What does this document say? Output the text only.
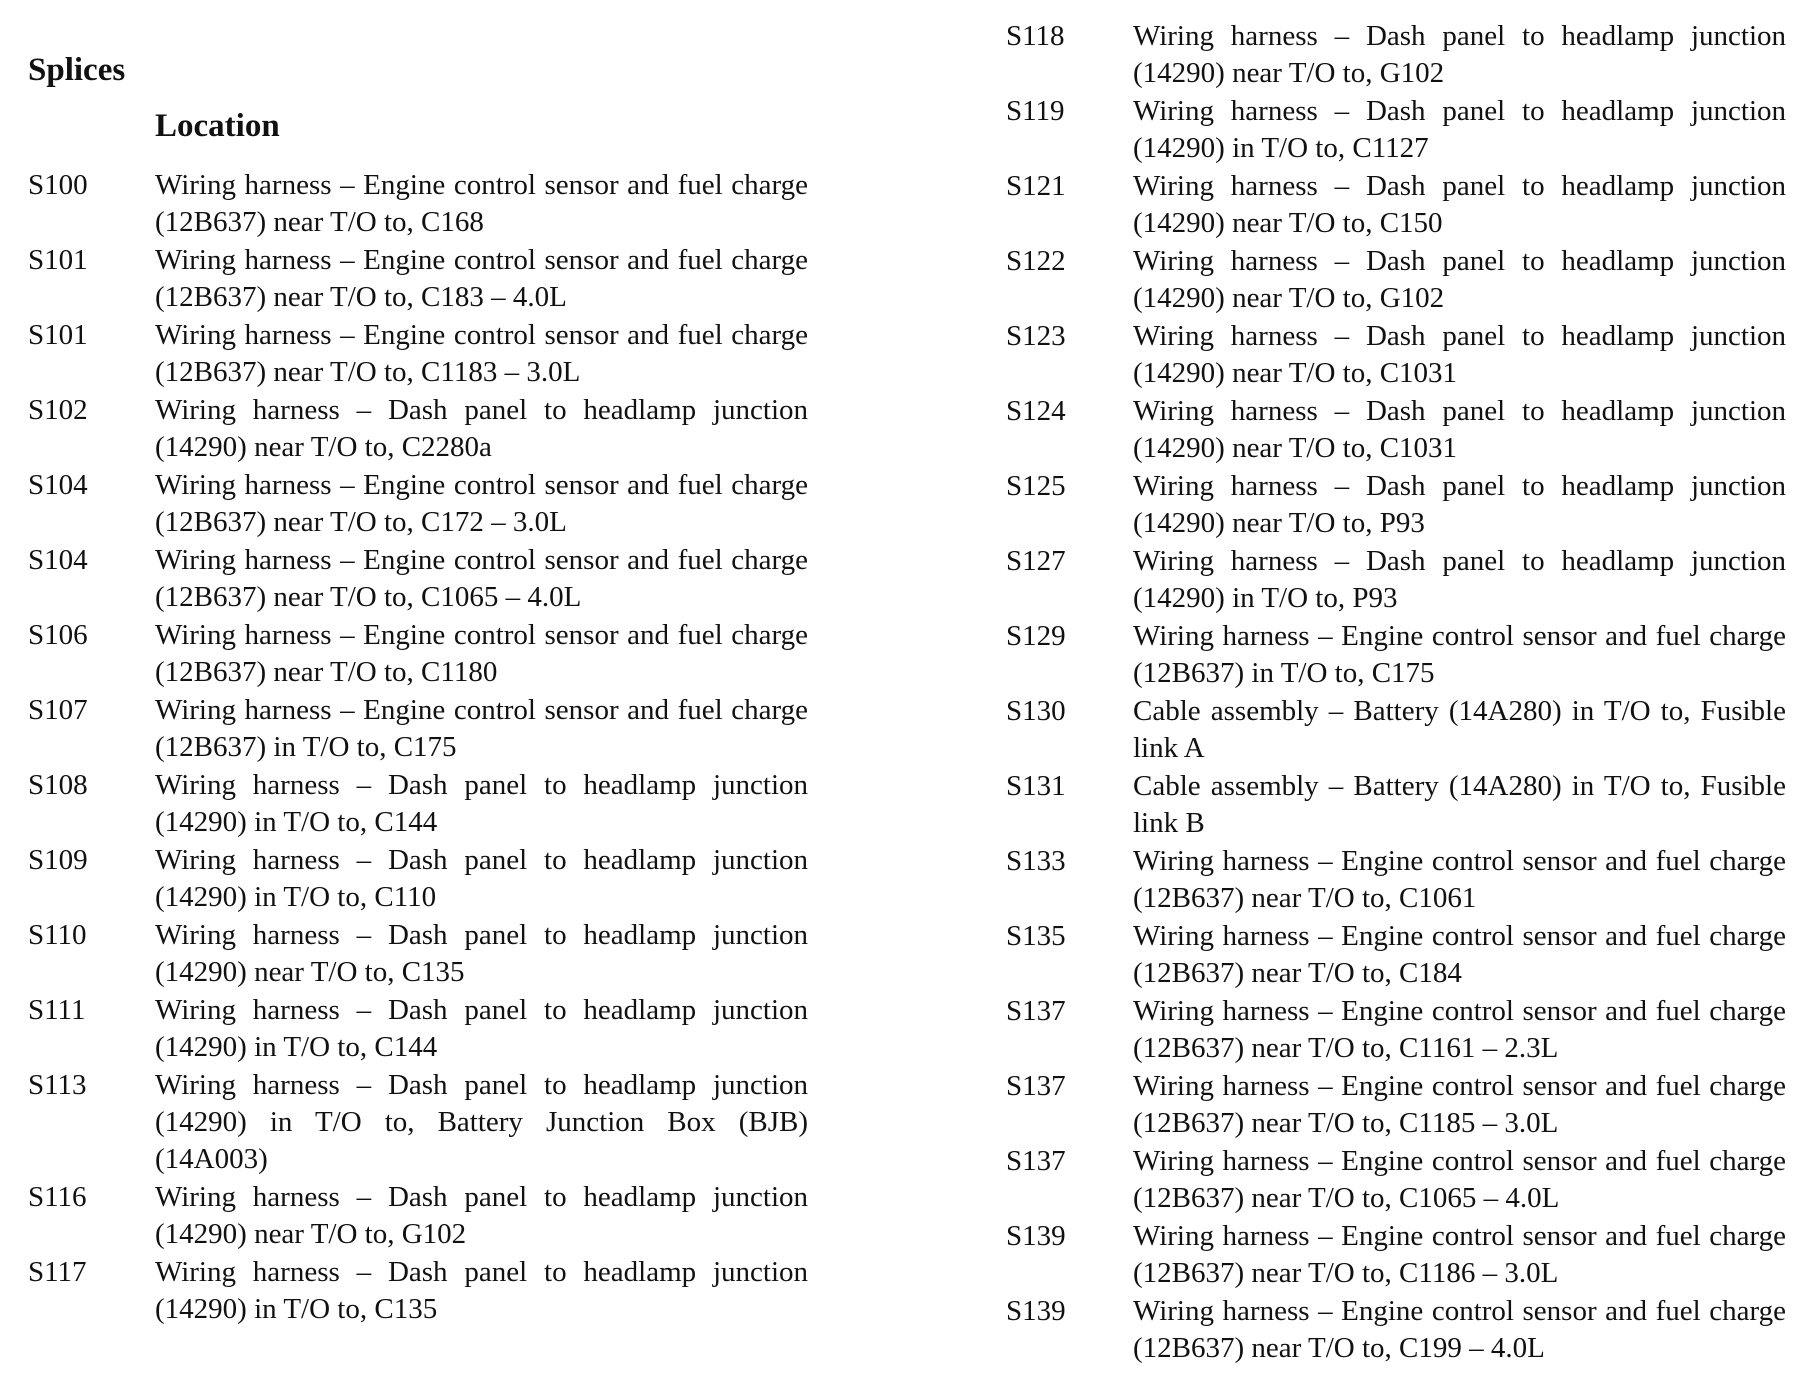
Splices
Location
S100	Wiring harness – Engine control sensor and fuel charge (12B637) near T/O to, C168
S101	Wiring harness – Engine control sensor and fuel charge (12B637) near T/O to, C183 – 4.0L
S101	Wiring harness – Engine control sensor and fuel charge (12B637) near T/O to, C1183 – 3.0L
S102	Wiring harness – Dash panel to headlamp junction (14290) near T/O to, C2280a
S104	Wiring harness – Engine control sensor and fuel charge (12B637) near T/O to, C172 – 3.0L
S104	Wiring harness – Engine control sensor and fuel charge (12B637) near T/O to, C1065 – 4.0L
S106	Wiring harness – Engine control sensor and fuel charge (12B637) near T/O to, C1180
S107	Wiring harness – Engine control sensor and fuel charge (12B637) in T/O to, C175
S108	Wiring harness – Dash panel to headlamp junction (14290) in T/O to, C144
S109	Wiring harness – Dash panel to headlamp junction (14290) in T/O to, C110
S110	Wiring harness – Dash panel to headlamp junction (14290) near T/O to, C135
S111	Wiring harness – Dash panel to headlamp junction (14290) in T/O to, C144
S113	Wiring harness – Dash panel to headlamp junction (14290) in T/O to, Battery Junction Box (BJB) (14A003)
S116	Wiring harness – Dash panel to headlamp junction (14290) near T/O to, G102
S117	Wiring harness – Dash panel to headlamp junction (14290) in T/O to, C135
S118	Wiring harness – Dash panel to headlamp junction (14290) near T/O to, G102
S119	Wiring harness – Dash panel to headlamp junction (14290) in T/O to, C1127
S121	Wiring harness – Dash panel to headlamp junction (14290) near T/O to, C150
S122	Wiring harness – Dash panel to headlamp junction (14290) near T/O to, G102
S123	Wiring harness – Dash panel to headlamp junction (14290) near T/O to, C1031
S124	Wiring harness – Dash panel to headlamp junction (14290) near T/O to, C1031
S125	Wiring harness – Dash panel to headlamp junction (14290) near T/O to, P93
S127	Wiring harness – Dash panel to headlamp junction (14290) in T/O to, P93
S129	Wiring harness – Engine control sensor and fuel charge (12B637) in T/O to, C175
S130	Cable assembly – Battery (14A280) in T/O to, Fusible link A
S131	Cable assembly – Battery (14A280) in T/O to, Fusible link B
S133	Wiring harness – Engine control sensor and fuel charge (12B637) near T/O to, C1061
S135	Wiring harness – Engine control sensor and fuel charge (12B637) near T/O to, C184
S137	Wiring harness – Engine control sensor and fuel charge (12B637) near T/O to, C1161 – 2.3L
S137	Wiring harness – Engine control sensor and fuel charge (12B637) near T/O to, C1185 – 3.0L
S137	Wiring harness – Engine control sensor and fuel charge (12B637) near T/O to, C1065 – 4.0L
S139	Wiring harness – Engine control sensor and fuel charge (12B637) near T/O to, C1186 – 3.0L
S139	Wiring harness – Engine control sensor and fuel charge (12B637) near T/O to, C199 – 4.0L
